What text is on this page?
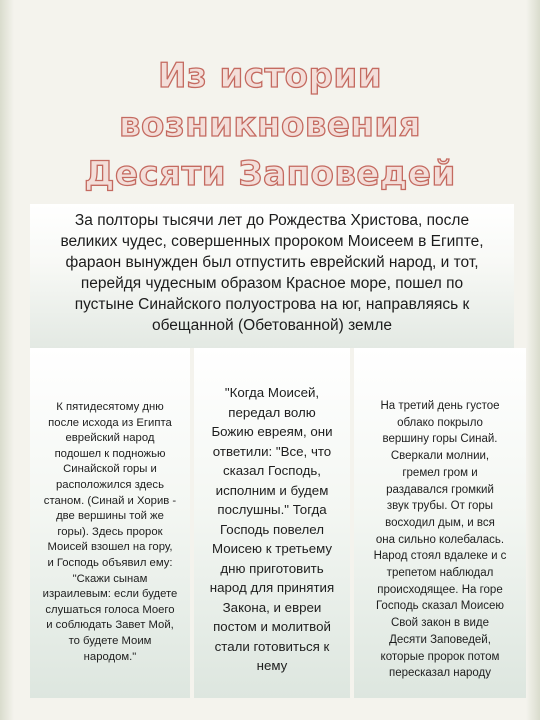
Из истории
возникновения
Десяти Заповедей
За полторы тысячи лет до Рождества Христова, после
великих чудес, совершенных пророком Моисеем в Египте,
фараон вынужден был отпустить еврейский народ, и тот,
перейдя чудесным образом Красное море, пошел по
пустыне Синайского полуострова на юг, направляясь к
обещанной (Обетованной) земле
К пятидесятому дню
после исхода из Египта
еврейский народ
подошел к подножью
Синайской горы и
расположился здесь
станом. (Синай и Хорив -
две вершины той же
горы). Здесь пророк
Моисей взошел на гору,
и Господь объявил ему:
"Скажи сынам
израилевым: если будете
слушаться голоса Моего
и соблюдать Завет Мой,
то будете Моим
народом."
"Когда Моисей,
передал волю
Божию евреям, они
ответили: "Все, что
сказал Господь,
исполним и будем
послушны." Тогда
Господь повелел
Моисею к третьему
дню приготовить
народ для принятия
Закона, и евреи
постом и молитвой
стали готовиться к
нему
На третий день густое
облако покрыло
вершину горы Синай.
Сверкали молнии,
гремел гром и
раздавался громкий
звук трубы. От горы
восходил дым, и вся
она сильно колебалась.
Народ стоял вдалеке и с
трепетом наблюдал
происходящее. На горе
Господь сказал Моисею
Свой закон в виде
Десяти Заповедей,
которые пророк потом
пересказал народу
